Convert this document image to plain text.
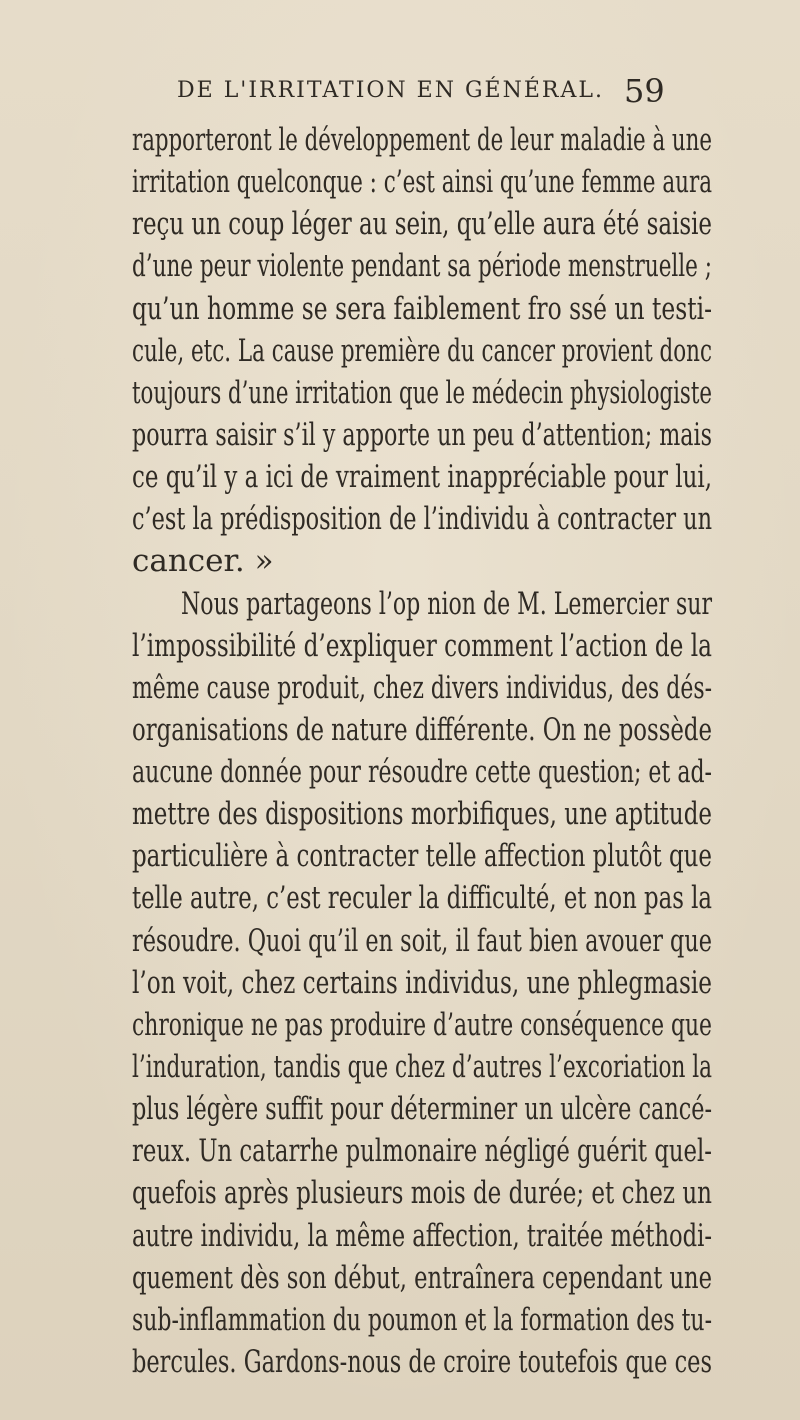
DE L'IRRITATION EN GÉNÉRAL. 59
rapporteront le développement de leur maladie à une
irritation quelconque : c’est ainsi qu’une femme aura
reçu un coup léger au sein, qu’elle aura été saisie
d’une peur violente pendant sa période menstruelle ;
qu’un homme se sera faiblement fro ssé un testi-
cule, etc. La cause première du cancer provient donc
toujours d’une irritation que le médecin physiologiste
pourra saisir s’il y apporte un peu d’attention; mais
ce qu’il y a ici de vraiment inappréciable pour lui,
c’est la prédisposition de l’individu à contracter un
cancer. »
Nous partageons l’op nion de M. Lemercier sur
l’impossibilité d’expliquer comment l’action de la
même cause produit, chez divers individus, des dés-
organisations de nature différente. On ne possède
aucune donnée pour résoudre cette question; et ad-
mettre des dispositions morbifiques, une aptitude
particulière à contracter telle affection plutôt que
telle autre, c’est reculer la difficulté, et non pas la
résoudre. Quoi qu’il en soit, il faut bien avouer que
l’on voit, chez certains individus, une phlegmasie
chronique ne pas produire d’autre conséquence que
l’induration, tandis que chez d’autres l’excoriation la
plus légère suffit pour déterminer un ulcère cancé-
reux. Un catarrhe pulmonaire négligé guérit quel-
quefois après plusieurs mois de durée; et chez un
autre individu, la même affection, traitée méthodi-
quement dès son début, entraînera cependant une
sub-inflammation du poumon et la formation des tu-
bercules. Gardons-nous de croire toutefois que ces
